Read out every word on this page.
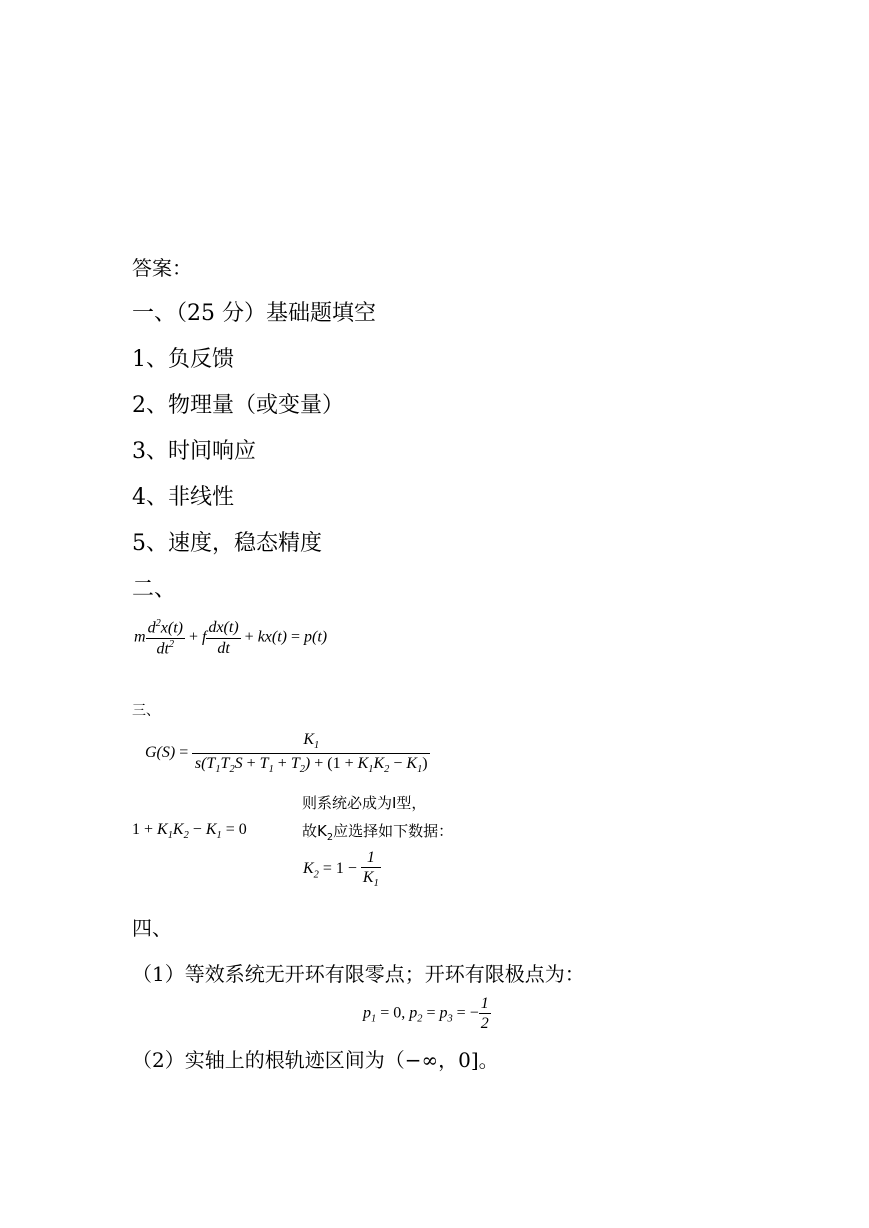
答案：
一、（25 分）基础题填空
1、负反馈
2、物理量（或变量）
3、时间响应
4、非线性
5、速度，稳态精度
二、
m $\frac{d^2x(t)}{dt^2} + f \frac{dx(t)}{dt} + kx(t) = p(t)$
三、
$G(S) = \frac{K_1}{s(T_1T_2S + T_1 + T_2) + (1 + K_1K_2 - K_1)}$
$1 + K_1K_2 - K_1 = 0$
则系统必成为I型，
故$K_2$应选择如下数据：
$K_2 = 1 - \frac{1}{K_1}$
四、
（1）等效系统无开环有限零点；开环有限极点为：
$p_1 = 0$, $p_2 = p_3$ = − $\frac{1}{2}$
（2）实轴上的根轨迹区间为（−∞，0]。
